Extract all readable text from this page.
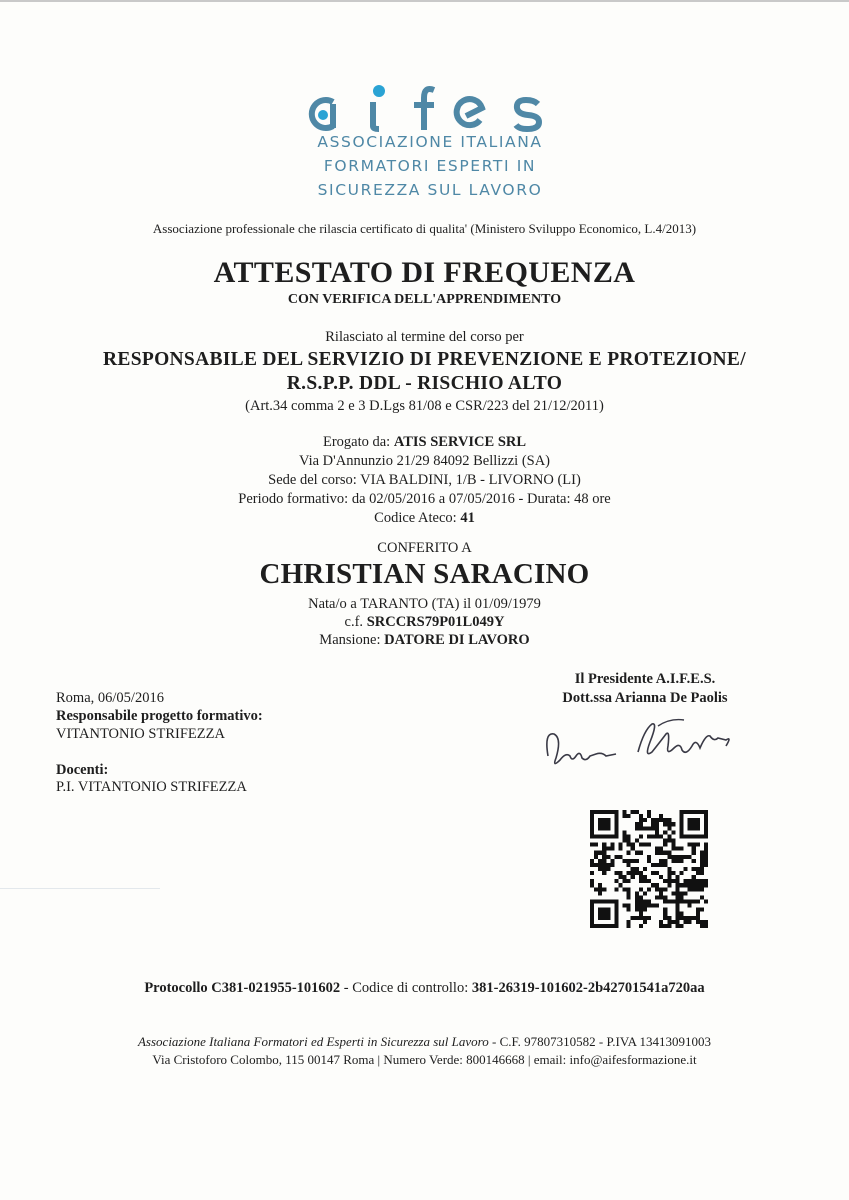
ASSOCIAZIONE ITALIANA
FORMATORI ESPERTI IN
SICUREZZA SUL LAVORO
Associazione professionale che rilascia certificato di qualita' (Ministero Sviluppo Economico, L.4/2013)
ATTESTATO DI FREQUENZA
CON VERIFICA DELL'APPRENDIMENTO
Rilasciato al termine del corso per
RESPONSABILE DEL SERVIZIO DI PREVENZIONE E PROTEZIONE/
R.S.P.P. DDL - RISCHIO ALTO
(Art.34 comma 2 e 3 D.Lgs 81/08 e CSR/223 del 21/12/2011)
Erogato da: ATIS SERVICE SRL
Via D'Annunzio 21/29 84092 Bellizzi (SA)
Sede del corso: VIA BALDINI, 1/B - LIVORNO (LI)
Periodo formativo: da 02/05/2016 a 07/05/2016 - Durata: 48 ore
Codice Ateco: 41
CONFERITO A
CHRISTIAN SARACINO
Nata/o a TARANTO (TA) il 01/09/1979
c.f. SRCCRS79P01L049Y
Mansione: DATORE DI LAVORO
Roma, 06/05/2016
Responsabile progetto formativo:
VITANTONIO STRIFEZZA
Docenti:
P.I. VITANTONIO STRIFEZZA
Il Presidente A.I.F.E.S.
Dott.ssa Arianna De Paolis
Protocollo C381-021955-101602 - Codice di controllo: 381-26319-101602-2b42701541a720aa
Associazione Italiana Formatori ed Esperti in Sicurezza sul Lavoro - C.F. 97807310582 - P.IVA 13413091003
Via Cristoforo Colombo, 115 00147 Roma | Numero Verde: 800146668 | email: info@aifesformazione.it
